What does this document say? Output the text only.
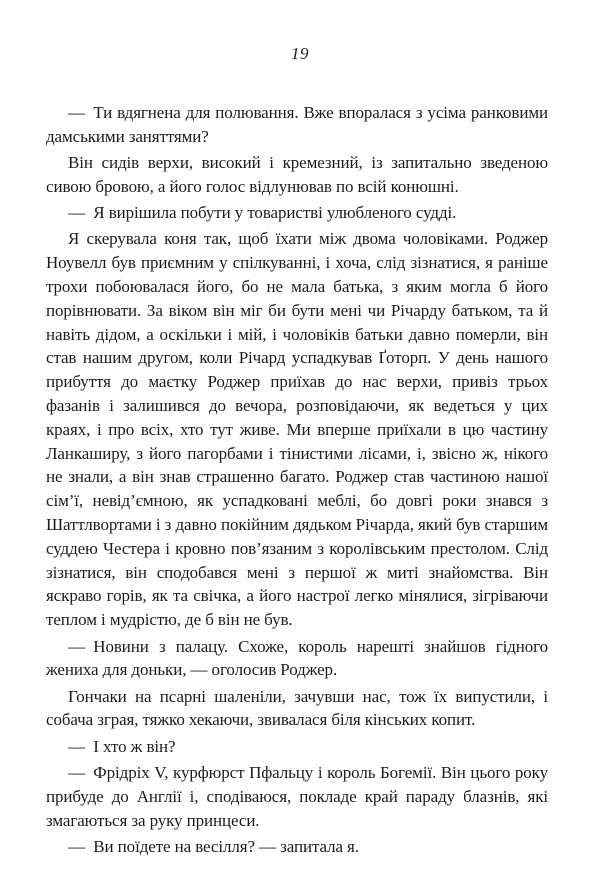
19

— Ти вдягнена для полювання. Вже впоралася з усіма ранковими дамськими заняттями?

Він сидів верхи, високий і кремезний, із запитально зведеною сивою бровою, а його голос відлунював по всій конюшні.

— Я вирішила побути у товаристві улюбленого судді.

Я скерувала коня так, щоб їхати між двома чоловіками. Роджер Ноувелл був приємним у спілкуванні, і хоча, слід зізнатися, я раніше трохи побоювалася його, бо не мала батька, з яким могла б його порівнювати. За віком він міг би бути мені чи Річарду батьком, та й навіть дідом, а оскільки і мій, і чоловіків батьки давно померли, він став нашим другом, коли Річард успадкував Ґоторп. У день нашого прибуття до маєтку Роджер приїхав до нас верхи, привіз трьох фазанів і залишився до вечора, розповідаючи, як ведеться у цих краях, і про всіх, хто тут живе. Ми вперше приїхали в цю частину Ланкаширу, з його пагорбами і тінистими лісами, і, звісно ж, нікого не знали, а він знав страшенно багато. Роджер став частиною нашої сім’ї, невід’ємною, як успадковані меблі, бо довгі роки знався з Шаттлвортами і з давно покійним дядьком Річарда, який був старшим суддею Честера і кровно пов’язаним з королівським престолом. Слід зізнатися, він сподобався мені з першої ж миті знайомства. Він яскраво горів, як та свічка, а його настрої легко мінялися, зігріваючи теплом і мудрістю, де б він не був.

— Новини з палацу. Схоже, король нарешті знайшов гідного жениха для доньки, — оголосив Роджер.

Гончаки на псарні шаленіли, зачувши нас, тож їх випустили, і собача зграя, тяжко хекаючи, звивалася біля кінських копит.

— І хто ж він?

— Фрідріх V, курфюрст Пфальцу і король Богемії. Він цього року прибуде до Англії і, сподіваюся, покладе край параду блазнів, які змагаються за руку принцеси.

— Ви поїдете на весілля? — запитала я.
